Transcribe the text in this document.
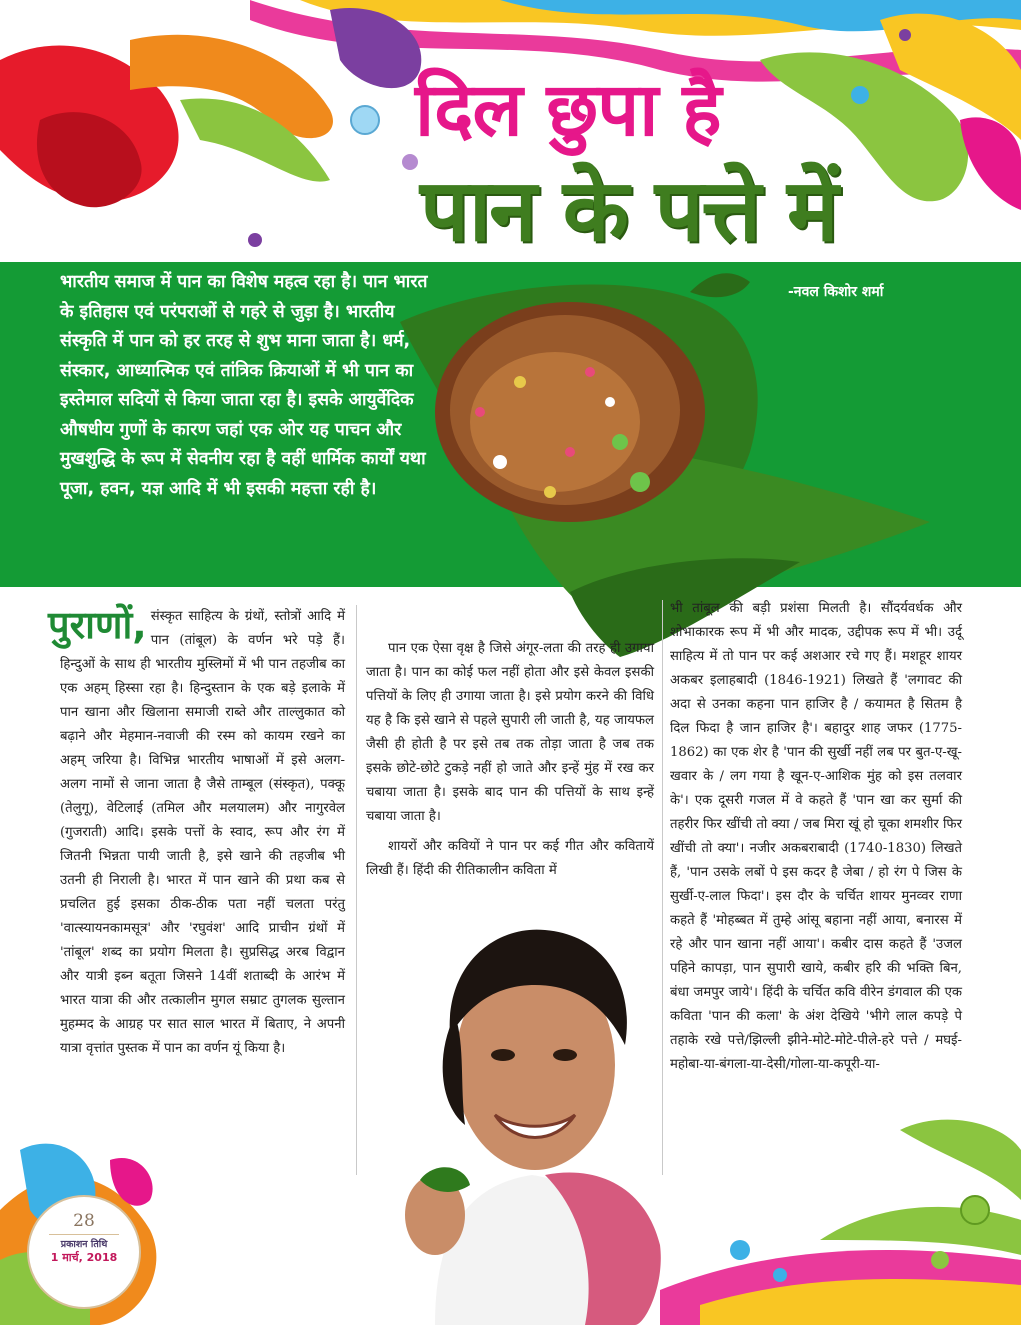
दिल छुपा है
पान के पत्ते में
भारतीय समाज में पान का विशेष महत्व रहा है। पान भारत के इतिहास एवं परंपराओं से गहरे से जुड़ा है। भारतीय संस्कृति में पान को हर तरह से शुभ माना जाता है। धर्म, संस्कार, आध्यात्मिक एवं तांत्रिक क्रियाओं में भी पान का इस्तेमाल सदियों से किया जाता रहा है। इसके आयुर्वेदिक औषधीय गुणों के कारण जहां एक ओर यह पाचन और मुखशुद्धि के रूप में सेवनीय रहा है वहीं धार्मिक कार्यों यथा पूजा, हवन, यज्ञ आदि में भी इसकी महत्ता रही है।
-नवल किशोर शर्मा
पुराणों, संस्कृत साहित्य के ग्रंथों, स्तोत्रों आदि में पान (तांबूल) के वर्णन भरे पड़े हैं। हिन्दुओं के साथ ही भारतीय मुस्लिमों में भी पान तहजीब का एक अहम् हिस्सा रहा है। हिन्दुस्तान के एक बड़े इलाके में पान खाना और खिलाना समाजी राब्ते और ताल्लुकात को बढ़ाने और मेहमान-नवाजी की रस्म को कायम रखने का अहम् जरिया है। विभिन्न भारतीय भाषाओं में इसे अलग-अलग नामों से जाना जाता है जैसे ताम्बूल (संस्कृत), पक्कू (तेलुगू), वेटिलाई (तमिल और मलयालम) और नागुरवेल (गुजराती) आदि। इसके पत्तों के स्वाद, रूप और रंग में जितनी भिन्नता पायी जाती है, इसे खाने की तहजीब भी उतनी ही निराली है। भारत में पान खाने की प्रथा कब से प्रचलित हुई इसका ठीक-ठीक पता नहीं चलता परंतु 'वात्स्यायनकामसूत्र' और 'रघुवंश' आदि प्राचीन ग्रंथों में 'तांबूल' शब्द का प्रयोग मिलता है। सुप्रसिद्ध अरब विद्वान और यात्री इब्न बतूता जिसने 14वीं शताब्दी के आरंभ में भारत यात्रा की और तत्कालीन मुगल सम्राट तुगलक सुल्तान मुहम्मद के आग्रह पर सात साल भारत में बिताए, ने अपनी यात्रा वृत्तांत पुस्तक में पान का वर्णन यूं किया है।

पान एक ऐसा वृक्ष है जिसे अंगूर-लता की तरह ही उगाया जाता है। पान का कोई फल नहीं होता और इसे केवल इसकी पत्तियों के लिए ही उगाया जाता है। इसे प्रयोग करने की विधि यह है कि इसे खाने से पहले सुपारी ली जाती है, यह जायफल जैसी ही होती है पर इसे तब तक तोड़ा जाता है जब तक इसके छोटे-छोटे टुकड़े नहीं हो जाते और इन्हें मुंह में रख कर चबाया जाता है। इसके बाद पान की पत्तियों के साथ इन्हें चबाया जाता है।

शायरों और कवियों ने पान पर कई गीत और कवितायें लिखी हैं। हिंदी की रीतिकालीन कविता में

भी तांबूल की बड़ी प्रशंसा मिलती है। सौंदर्यवर्धक और शोभाकारक रूप में भी और मादक, उद्दीपक रूप में भी। उर्दू साहित्य में तो पान पर कई अशआर रचे गए हैं। मशहूर शायर अकबर इलाहबादी (1846-1921) लिखते हैं 'लगावट की अदा से उनका कहना पान हाजिर है / कयामत है सितम है दिल फिदा है जान हाजिर है'। बहादुर शाह जफर (1775-1862) का एक शेर है 'पान की सुर्खी नहीं लब पर बुत-ए-खू-खवार के / लग गया है खून-ए-आशिक मुंह को इस तलवार के'। एक दूसरी गजल में वे कहते हैं 'पान खा कर सुर्मा की तहरीर फिर खींची तो क्या / जब मिरा खूं हो चूका शमशीर फिर खींची तो क्या'। नजीर अकबराबादी (1740-1830) लिखते हैं, 'पान उसके लबों पे इस कदर है जेबा / हो रंग पे जिस के सुर्खी-ए-लाल फिदा'। इस दौर के चर्चित शायर मुनव्वर राणा कहते हैं 'मोहब्बत में तुम्हे आंसू बहाना नहीं आया, बनारस में रहे और पान खाना नहीं आया'। कबीर दास कहते हैं 'उजल पहिने कापड़ा, पान सुपारी खाये, कबीर हरि की भक्ति बिन, बंधा जमपुर जाये'। हिंदी के चर्चित कवि वीरेन डंगवाल की एक कविता 'पान की कला' के अंश देखिये 'भीगे लाल कपड़े पे तहाके रखे पत्ते/झिल्ली झीने-मोटे-मोटे-पीले-हरे पत्ते / मघई-महोबा-या-बंगला-या-देसी/गोला-या-कपूरी-या-
28
प्रकाशन तिथि
1 मार्च, 2018
